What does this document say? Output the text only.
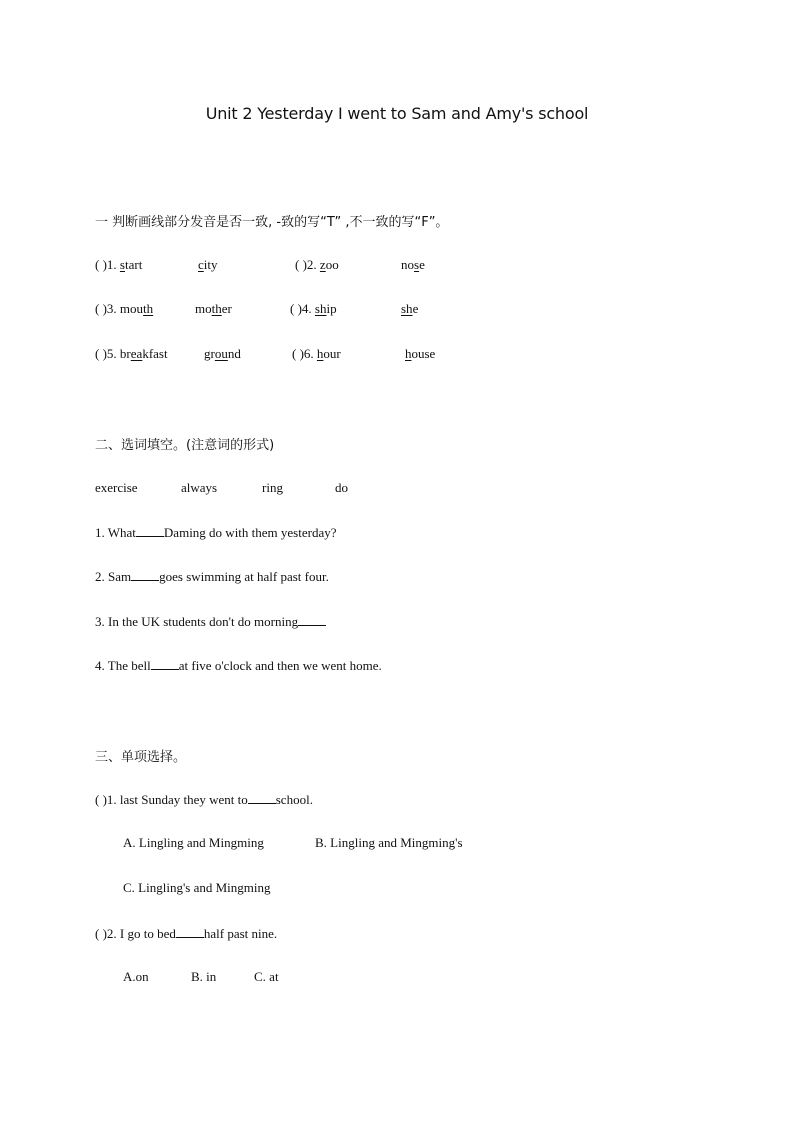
Unit 2 Yesterday I went to Sam and Amy's school
一 判断画线部分发音是否一致, -致的写“T” ,不一致的写“F”。
( )1. start	city	( )2. zoo	nose
( )3. mouth	mother	( )4. ship	she
( )5. breakfast	ground	( )6. hour	house
二、选词填空。(注意词的形式)
exercise	always	ring	do
1. What Daming do with them yesterday?
2. Sam goes swimming at half past four.
3. In the UK students don't do morning
4. The bell at five o'clock and then we went home.
三、单项选择。
( )1. last Sunday they went to school.
A. Lingling and Mingming	B. Lingling and Mingming's
C. Lingling's and Mingming
( )2. I go to bed half past nine.
A.on	B. in	C. at
